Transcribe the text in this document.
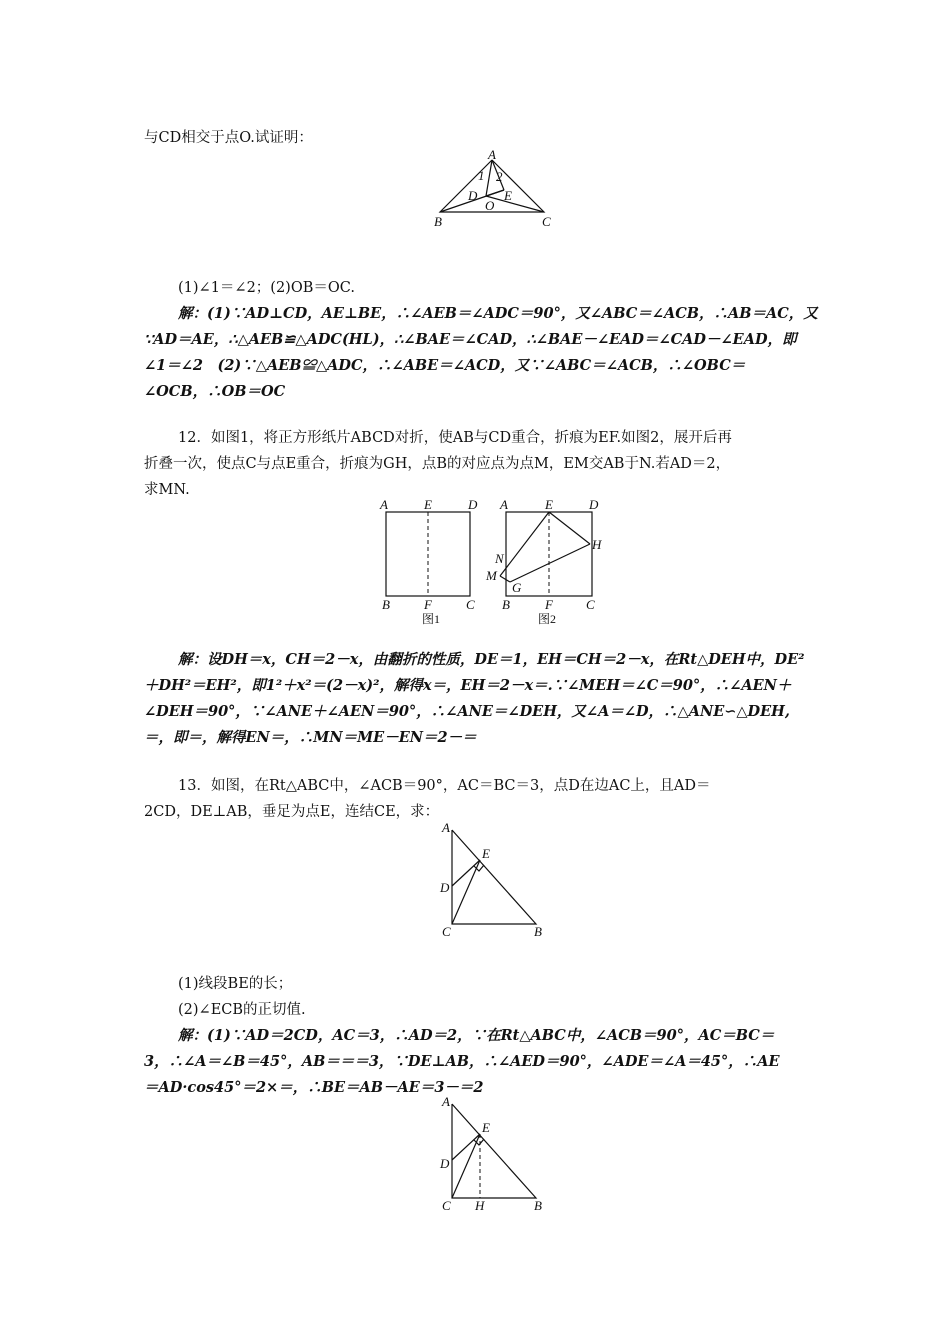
与CD相交于点O.试证明：
A
1 2
D
O
E
B	C
(1)∠1＝∠2；(2)OB＝OC.
解：(1)∵AD⊥CD，AE⊥BE，∴∠AEB＝∠ADC＝90°，又∠ABC＝∠ACB，∴AB＝AC，又
∵AD＝AE，∴△AEB≌△ADC(HL)，∴∠BAE＝∠CAD，∴∠BAE－∠EAD＝∠CAD－∠EAD，即
∠1＝∠2　(2)∵△AEB≌△ADC，∴∠ABE＝∠ACD，又∵∠ABC＝∠ACB，∴∠OBC＝
∠OCB，∴OB＝OC
12．如图1，将正方形纸片ABCD对折，使AB与CD重合，折痕为EF.如图2，展开后再
折叠一次，使点C与点E重合，折痕为GH，点B的对应点为点M，EM交AB于N.若AD＝2，
求MN.
A	E	D
B	F	C
图1
A	E	D
H
N
M
G
B	F	C
图2
解：设DH＝x，CH＝2－x，由翻折的性质，DE＝1，EH＝CH＝2－x，在Rt△DEH中，DE²
＋DH²＝EH²，即1²＋x²＝(2－x)²，解得x＝，EH＝2－x＝.∵∠MEH＝∠C＝90°，∴∠AEN＋
∠DEH＝90°，∵∠ANE＋∠AEN＝90°，∴∠ANE＝∠DEH，又∠A＝∠D，∴△ANE∽△DEH,
＝，即＝，解得EN＝，∴MN＝ME－EN＝2－＝
13．如图，在Rt△ABC中，∠ACB＝90°，AC＝BC＝3，点D在边AC上，且AD＝
2CD，DE⊥AB，垂足为点E，连结CE，求：
A
E
D
C	B
(1)线段BE的长；
(2)∠ECB的正切值.
解：(1)∵AD＝2CD，AC＝3，∴AD＝2，∵在Rt△ABC中，∠ACB＝90°，AC＝BC＝
3，∴∠A＝∠B＝45°，AB＝＝＝3，∵DE⊥AB，∴∠AED＝90°，∠ADE＝∠A＝45°，∴AE
＝AD·cos45°＝2×＝，∴BE＝AB－AE＝3－＝2
A
E
D
C H	B
